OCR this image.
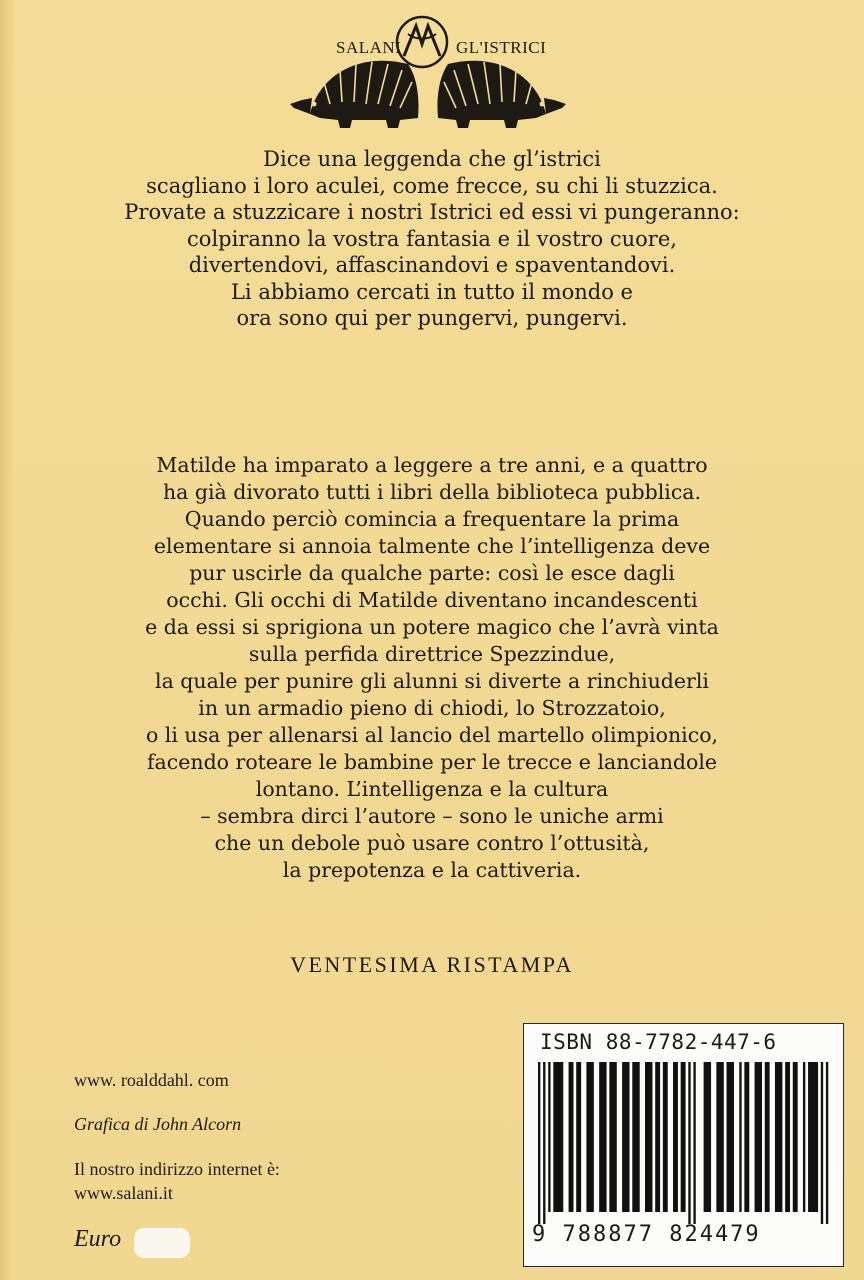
SALANI	GL'ISTRICI
Dice una leggenda che gl’istrici
scagliano i loro aculei, come frecce, su chi li stuzzica.
Provate a stuzzicare i nostri Istrici ed essi vi pungeranno:
colpiranno la vostra fantasia e il vostro cuore,
divertendovi, affascinandovi e spaventandovi.
Li abbiamo cercati in tutto il mondo e
ora sono qui per pungervi, pungervi.
Matilde ha imparato a leggere a tre anni, e a quattro
ha già divorato tutti i libri della biblioteca pubblica.
Quando perciò comincia a frequentare la prima
elementare si annoia talmente che l’intelligenza deve
pur uscirle da qualche parte: così le esce dagli
occhi. Gli occhi di Matilde diventano incandescenti
e da essi si sprigiona un potere magico che l’avrà vinta
sulla perfida direttrice Spezzindue,
la quale per punire gli alunni si diverte a rinchiuderli
in un armadio pieno di chiodi, lo Strozzatoio,
o li usa per allenarsi al lancio del martello olimpionico,
facendo roteare le bambine per le trecce e lanciandole
lontano. L’intelligenza e la cultura
– sembra dirci l’autore – sono le uniche armi
che un debole può usare contro l’ottusità,
la prepotenza e la cattiveria.
VENTESIMA RISTAMPA
www. roalddahl. com
Grafica di John Alcorn
Il nostro indirizzo internet è:
www.salani.it
Euro
ISBN 88-7782-447-6
9 788877 824479
